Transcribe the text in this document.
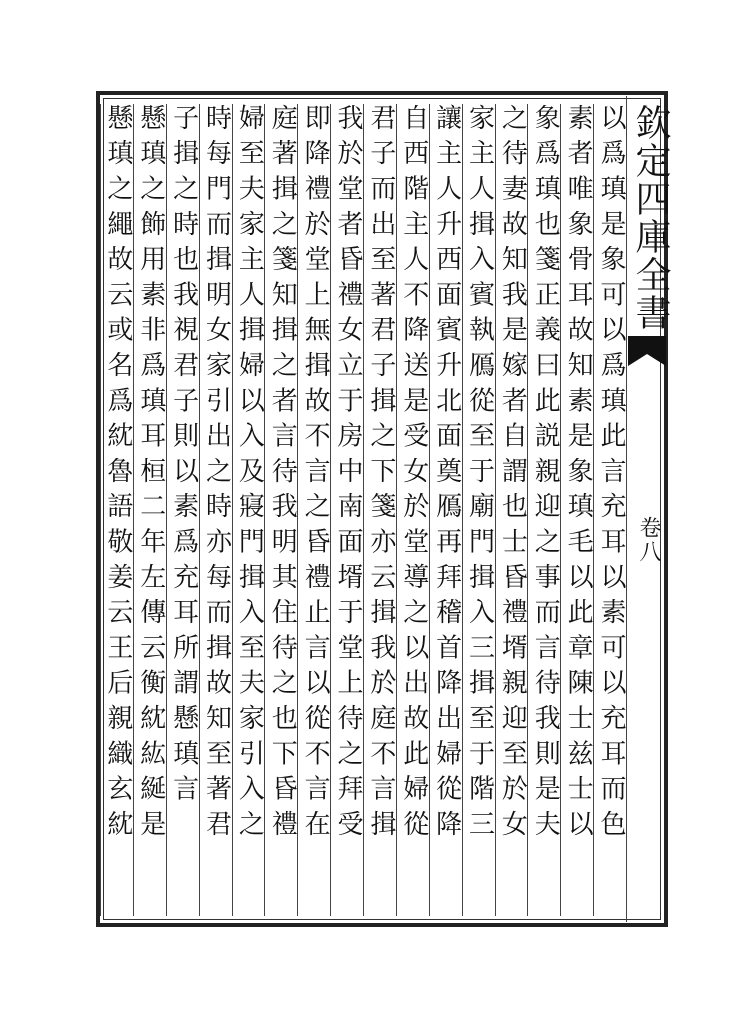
欽定四庫全書
卷八
以爲瑱是象可以爲瑱此言充耳以素可以充耳而色
素者唯象骨耳故知素是象瑱毛以此章陳士兹士以
象爲瑱也箋正義曰此説親迎之事而言待我則是夫
之待妻故知我是嫁者自謂也士昏禮壻親迎至於女
家主人揖入賓執鴈從至于廟門揖入三揖至于階三
讓主人升西面賓升北面奠鴈再拜稽首降出婦從降
自西階主人不降送是受女於堂導之以出故此婦從
君子而出至著君子揖之下箋亦云揖我於庭不言揖
我於堂者昏禮女立于房中南面壻于堂上待之拜受
即降禮於堂上無揖故不言之昏禮止言以從不言在
庭著揖之箋知揖之者言待我明其住待之也下昏禮
婦至夫家主人揖婦以入及寢門揖入至夫家引入之
時每門而揖明女家引出之時亦每而揖故知至著君
子揖之時也我視君子則以素爲充耳所謂懸瑱言
懸瑱之飾用素非爲瑱耳桓二年左傳云衡紞紘綖是
懸瑱之繩故云或名爲紞魯語敬姜云王后親織玄紞
